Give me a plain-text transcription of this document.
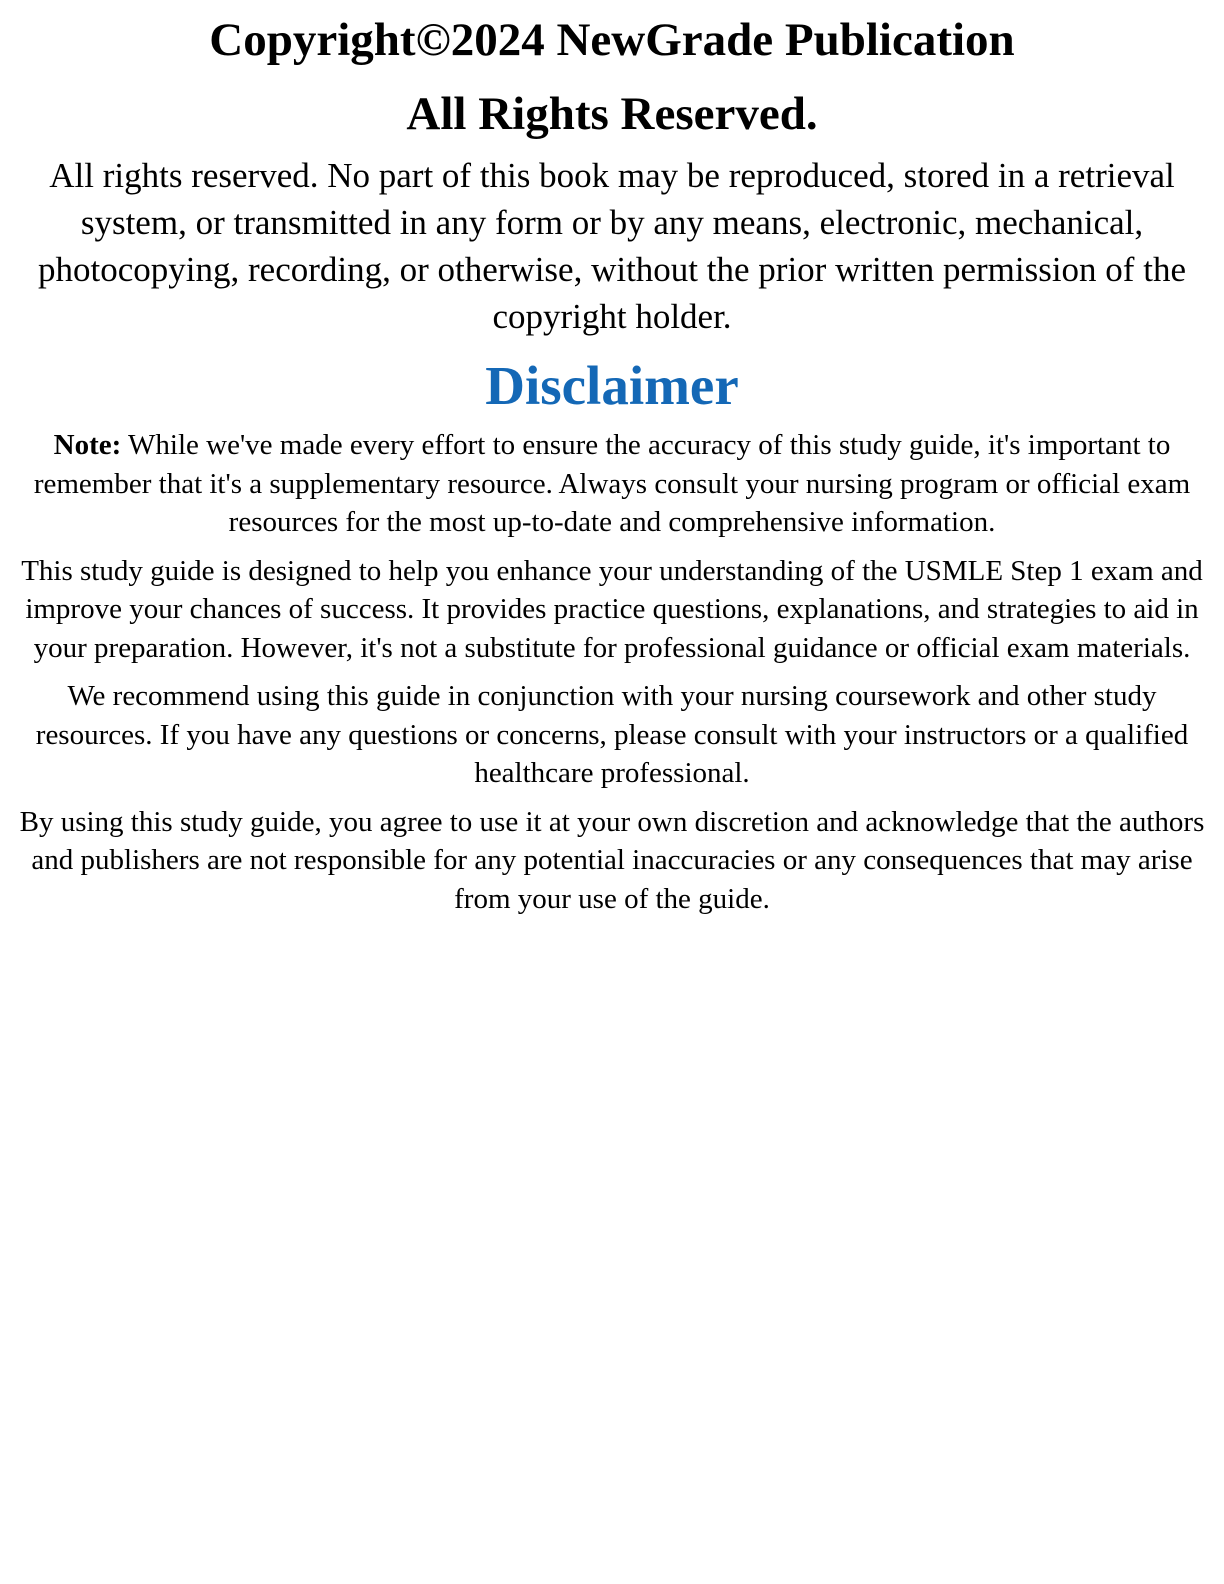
Copyright©2024 NewGrade Publication
All Rights Reserved.

All rights reserved. No part of this book may be reproduced, stored in a retrieval system, or transmitted in any form or by any means, electronic, mechanical, photocopying, recording, or otherwise, without the prior written permission of the copyright holder.

Disclaimer

Note: While we've made every effort to ensure the accuracy of this study guide, it's important to remember that it's a supplementary resource. Always consult your nursing program or official exam resources for the most up-to-date and comprehensive information.

This study guide is designed to help you enhance your understanding of the USMLE Step 1 exam and improve your chances of success. It provides practice questions, explanations, and strategies to aid in your preparation. However, it's not a substitute for professional guidance or official exam materials.

We recommend using this guide in conjunction with your nursing coursework and other study resources. If you have any questions or concerns, please consult with your instructors or a qualified healthcare professional.

By using this study guide, you agree to use it at your own discretion and acknowledge that the authors and publishers are not responsible for any potential inaccuracies or any consequences that may arise from your use of the guide.
